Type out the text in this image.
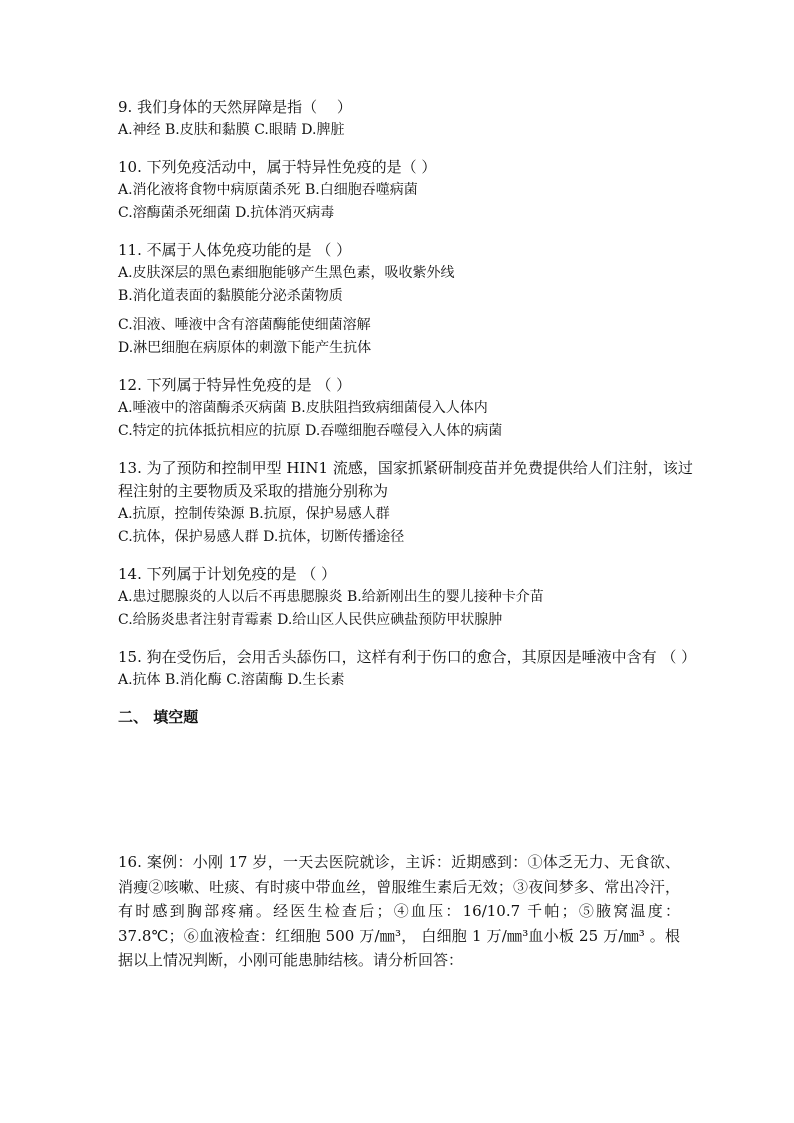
9. 我们身体的天然屏障是指（　 ）
A.神经 B.皮肤和黏膜 C.眼睛 D.脾脏
10. 下列免疫活动中，属于特异性免疫的是（ ）
A.消化液将食物中病原菌杀死 B.白细胞吞噬病菌
C.溶酶菌杀死细菌 D.抗体消灭病毒
11. 不属于人体免疫功能的是 （ ）
A.皮肤深层的黑色素细胞能够产生黑色素，吸收紫外线
B.消化道表面的黏膜能分泌杀菌物质
C.泪液、唾液中含有溶菌酶能使细菌溶解
D.淋巴细胞在病原体的刺激下能产生抗体
12. 下列属于特异性免疫的是 （ ）
A.唾液中的溶菌酶杀灭病菌 B.皮肤阻挡致病细菌侵入人体内
C.特定的抗体抵抗相应的抗原 D.吞噬细胞吞噬侵入人体的病菌
13. 为了预防和控制甲型 HIN1 流感，国家抓紧研制疫苗并免费提供给人们注射，该过程注射的主要物质及采取的措施分别称为
A.抗原，控制传染源 B.抗原，保护易感人群
C.抗体，保护易感人群 D.抗体，切断传播途径
14. 下列属于计划免疫的是 （ ）
A.患过腮腺炎的人以后不再患腮腺炎 B.给新刚出生的婴儿接种卡介苗
C.给肠炎患者注射青霉素 D.给山区人民供应碘盐预防甲状腺肿
15. 狗在受伤后，会用舌头舔伤口，这样有利于伤口的愈合，其原因是唾液中含有 （ ）
A.抗体 B.消化酶 C.溶菌酶 D.生长素
二、 填空题
16. 案例：小刚 17 岁，一天去医院就诊，主诉：近期感到：①体乏无力、无食欲、消瘦②咳嗽、吐痰、有时痰中带血丝，曾服维生素后无效；③夜间梦多、常出冷汗，有时感到胸部疼痛。经医生检查后；④血压：16/10.7 千帕；⑤腋窝温度：37.8℃；⑥血液检查：红细胞 500 万/㎜³， 白细胞 1 万/㎜³血小板 25 万/㎜³ 。根据以上情况判断，小刚可能患肺结核。请分析回答：
